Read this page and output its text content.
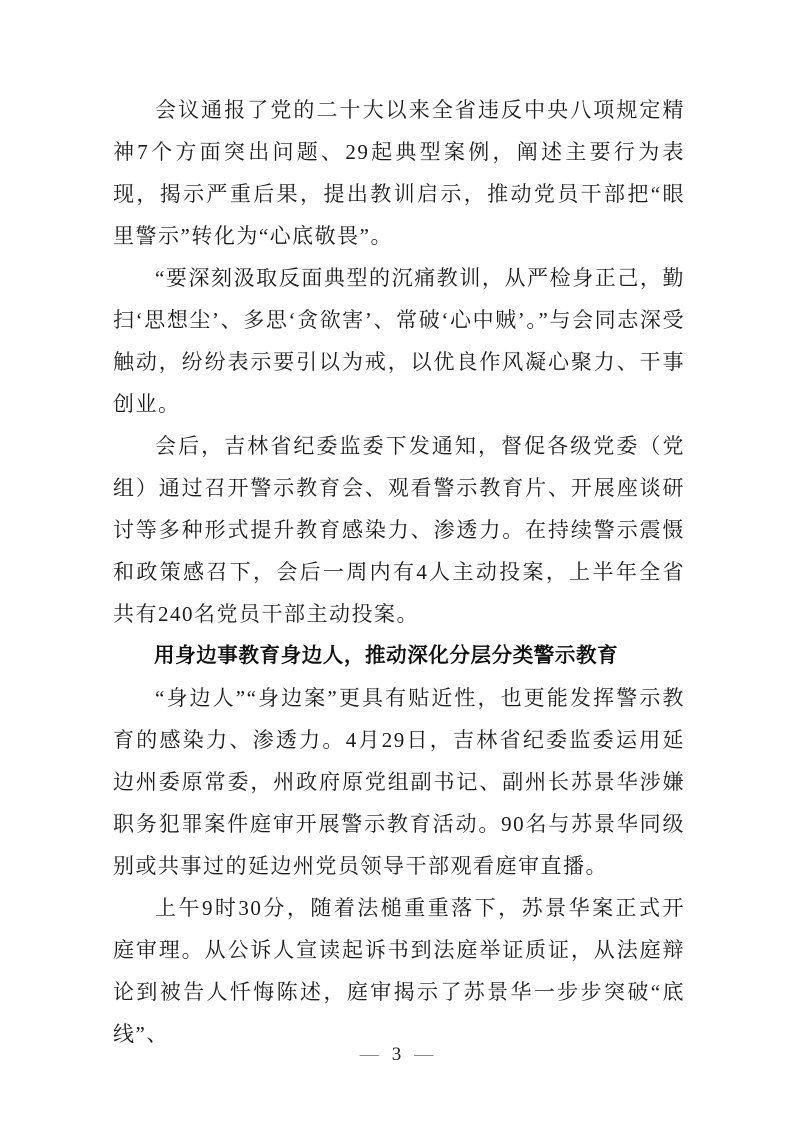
会议通报了党的二十大以来全省违反中央八项规定精神7个方面突出问题、29起典型案例，阐述主要行为表现，揭示严重后果，提出教训启示，推动党员干部把“眼里警示”转化为“心底敬畏”。

“要深刻汲取反面典型的沉痛教训，从严检身正己，勤扫‘思想尘’、多思‘贪欲害’、常破‘心中贼’。”与会同志深受触动，纷纷表示要引以为戒，以优良作风凝心聚力、干事创业。

会后，吉林省纪委监委下发通知，督促各级党委（党组）通过召开警示教育会、观看警示教育片、开展座谈研讨等多种形式提升教育感染力、渗透力。在持续警示震慑和政策感召下，会后一周内有4人主动投案，上半年全省共有240名党员干部主动投案。

用身边事教育身边人，推动深化分层分类警示教育

“身边人”“身边案”更具有贴近性，也更能发挥警示教育的感染力、渗透力。4月29日，吉林省纪委监委运用延边州委原常委，州政府原党组副书记、副州长苏景华涉嫌职务犯罪案件庭审开展警示教育活动。90名与苏景华同级别或共事过的延边州党员领导干部观看庭审直播。

上午9时30分，随着法槌重重落下，苏景华案正式开庭审理。从公诉人宣读起诉书到法庭举证质证，从法庭辩论到被告人忏悔陈述，庭审揭示了苏景华一步步突破“底线”、

— 3 —
